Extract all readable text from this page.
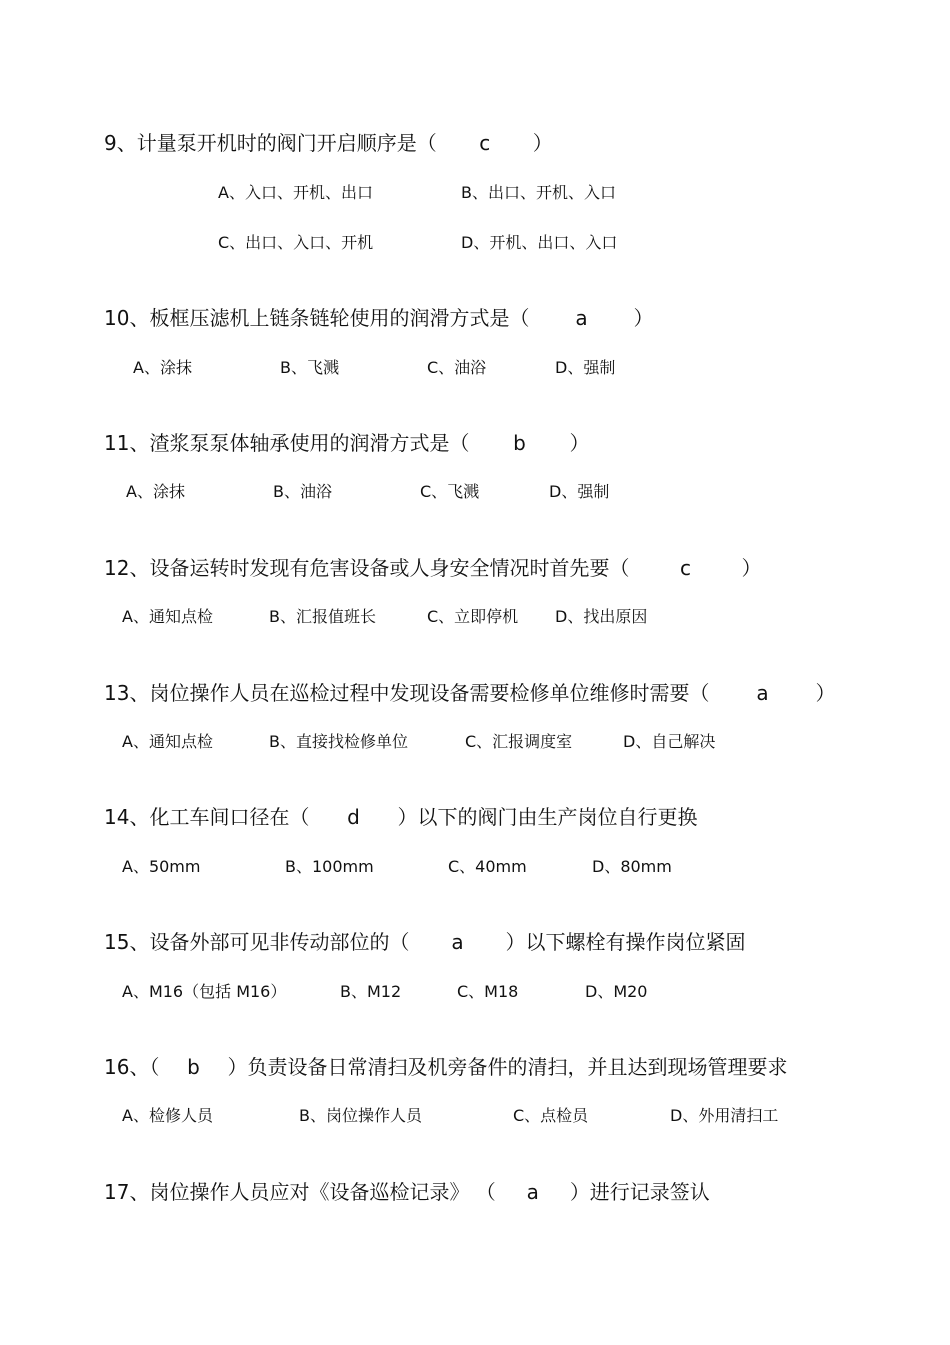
9、计量泵开机时的阀门开启顺序是（ c ）
A、入口、开机、出口	B、出口、开机、入口
C、出口、入口、开机	D、开机、出口、入口
10、板框压滤机上链条链轮使用的润滑方式是（ a ）
A、涂抹	B、飞溅	C、油浴	D、强制
11、渣浆泵泵体轴承使用的润滑方式是（ b ）
A、涂抹	B、油浴	C、飞溅	D、强制
12、设备运转时发现有危害设备或人身安全情况时首先要（	c	）
A、通知点检	B、汇报值班长	C、立即停机 D、找出原因
13、岗位操作人员在巡检过程中发现设备需要检修单位维修时需要（ a ）
A、通知点检	B、直接找检修单位	C、汇报调度室	D、自己解决
14、化工车间口径在（ d ）以下的阀门由生产岗位自行更换
A、50mm	B、100mm	C、40mm	D、80mm
15、设备外部可见非传动部位的（ a ）以下螺栓有操作岗位紧固
A、M16（包括 M16）	B、M12	C、M18	D、M20
16、（ b ）负责设备日常清扫及机旁备件的清扫，并且达到现场管理要求
A、检修人员	B、岗位操作人员	C、点检员	D、外用清扫工
17、岗位操作人员应对《设备巡检记录》 （ a ）进行记录签认
